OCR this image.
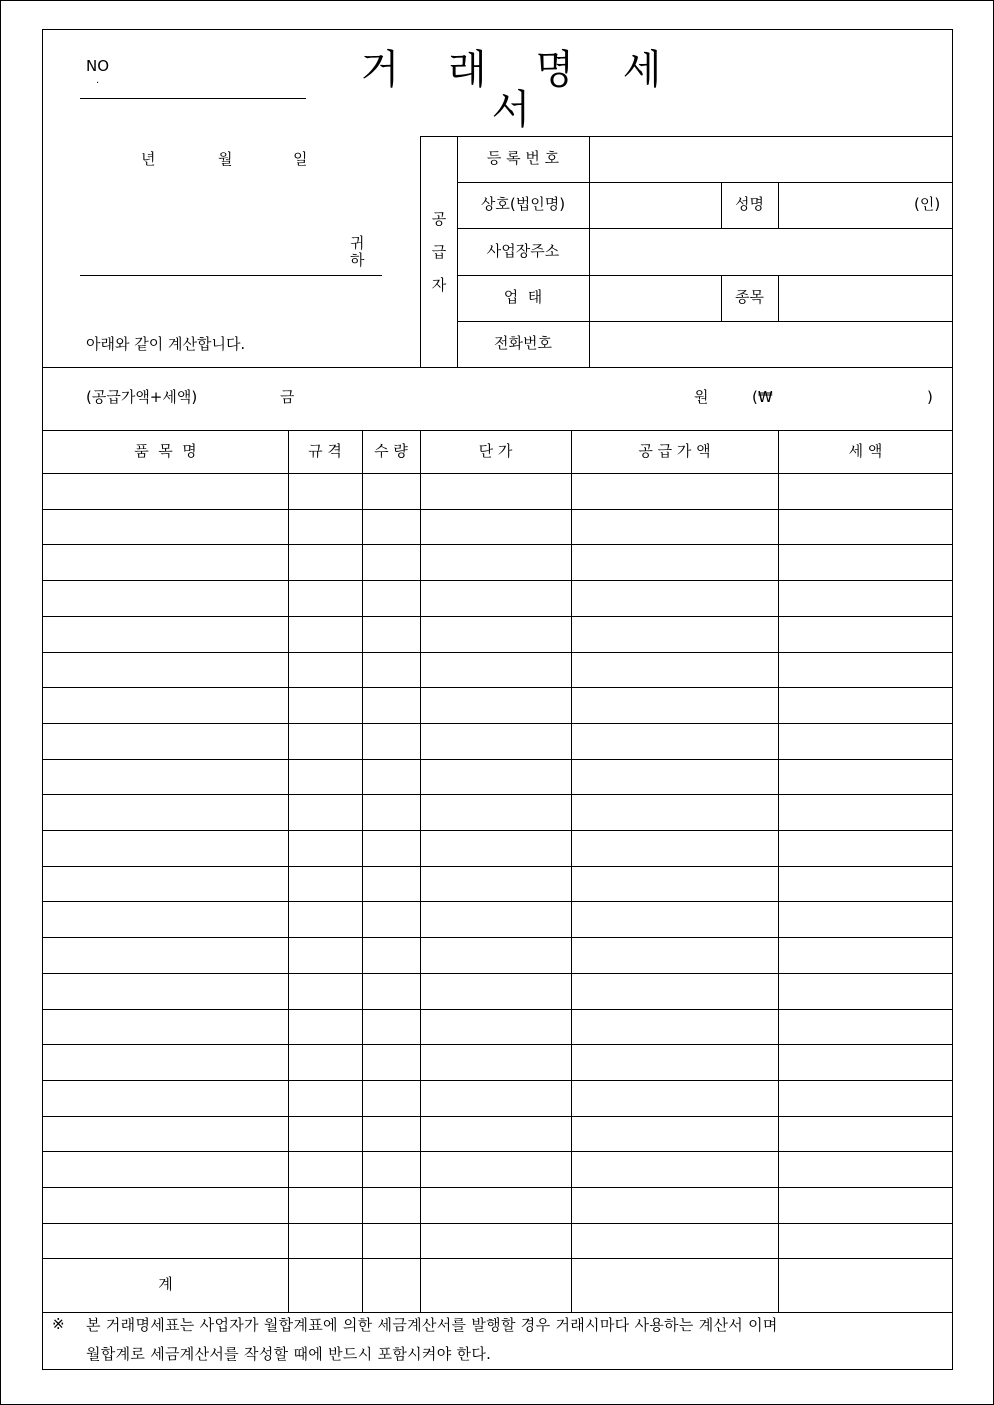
NO
.	거 래 명 세 서
년	월	일
귀
하
아래와 같이 계산합니다.
공
급
자
등 록 번 호
상호(법인명)	성명	(인)
사업장주소
업  태	종목
전화번호
(공급가액+세액)	금	원	(₩	)
품  목  명	규 격	수 량	단 가	공 급 가 액	세 액
계
※ 본 거래명세표는 사업자가 월합계표에 의한 세금계산서를 발행할 경우 거래시마다 사용하는 계산서 이며
월합계로 세금계산서를 작성할 때에 반드시 포함시켜야 한다.
